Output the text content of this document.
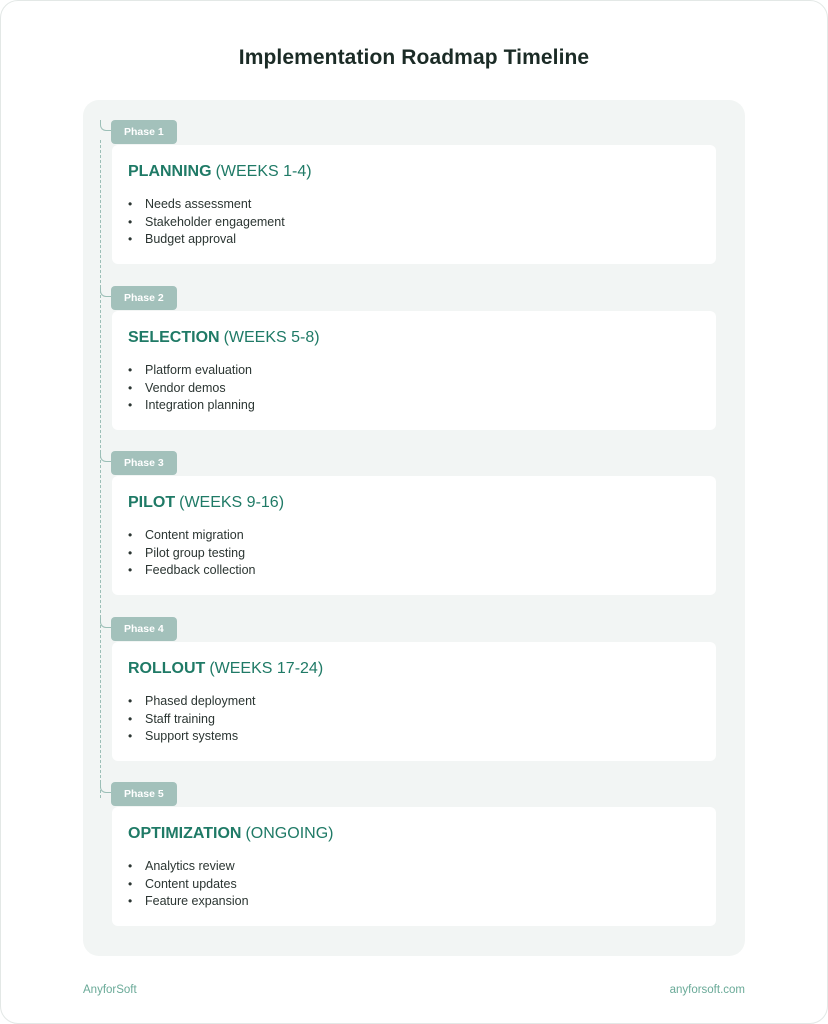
Implementation Roadmap Timeline
Phase 1
PLANNING (WEEKS 1-4)
• Needs assessment
• Stakeholder engagement
• Budget approval
Phase 2
SELECTION (WEEKS 5-8)
• Platform evaluation
• Vendor demos
• Integration planning
Phase 3
PILOT (WEEKS 9-16)
• Content migration
• Pilot group testing
• Feedback collection
Phase 4
ROLLOUT (WEEKS 17-24)
• Phased deployment
• Staff training
• Support systems
Phase 5
OPTIMIZATION (ONGOING)
• Analytics review
• Content updates
• Feature expansion
AnyforSoft	anyforsoft.com
